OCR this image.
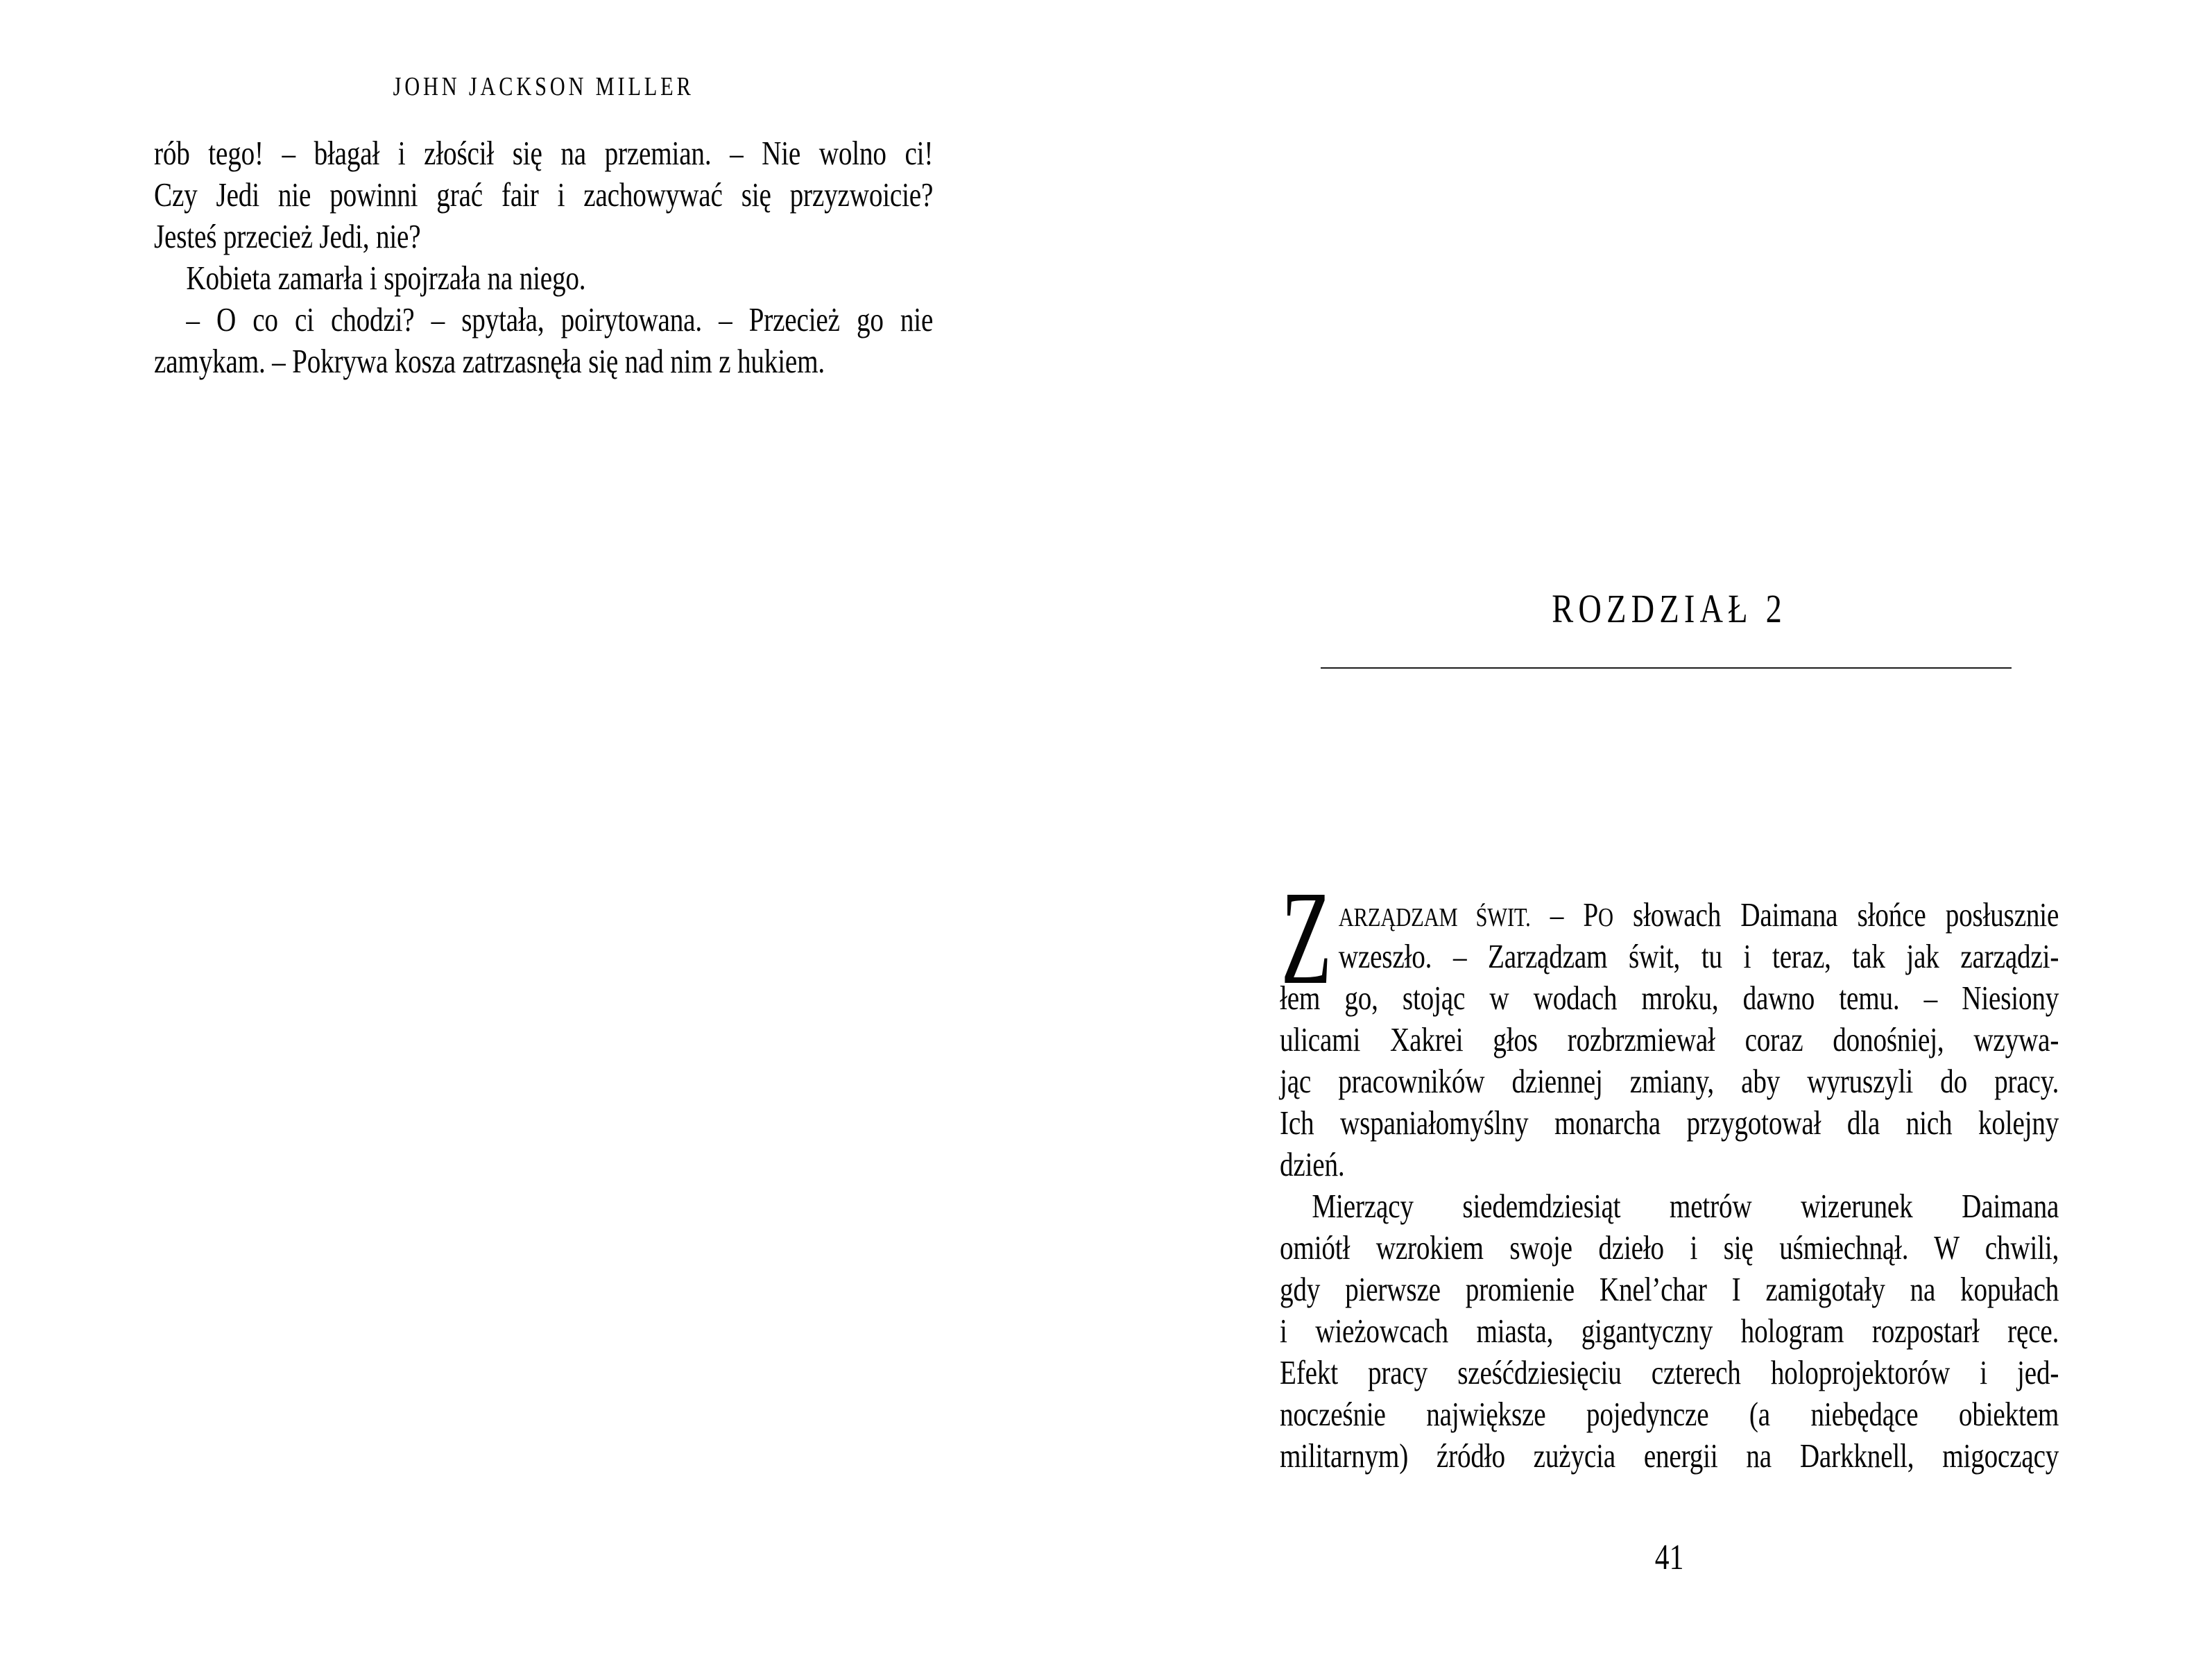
JOHN JACKSON MILLER
rób tego! – błagał i złościł się na przemian. – Nie wolno ci!
Czy Jedi nie powinni grać fair i zachowywać się przyzwoicie?
Jesteś przecież Jedi, nie?
Kobieta zamarła i spojrzała na niego.
– O co ci chodzi? – spytała, poirytowana. – Przecież go nie
zamykam. – Pokrywa kosza zatrzasnęła się nad nim z hukiem.
ROZDZIAŁ 2
Z ARZĄDZAM ŚWIT. – PO słowach Daimana słońce posłusznie
wzeszło. – Zarządzam świt, tu i teraz, tak jak zarządzi-
łem go, stojąc w wodach mroku, dawno temu. – Niesiony
ulicami Xakrei głos rozbrzmiewał coraz donośniej, wzywa-
jąc pracowników dziennej zmiany, aby wyruszyli do pracy.
Ich wspaniałomyślny monarcha przygotował dla nich kolejny
dzień.
Mierzący siedemdziesiąt metrów wizerunek Daimana
omiótł wzrokiem swoje dzieło i się uśmiechnął. W chwili,
gdy pierwsze promienie Knel’char I zamigotały na kopułach
i wieżowcach miasta, gigantyczny hologram rozpostarł ręce.
Efekt pracy sześćdziesięciu czterech holoprojektorów i jed-
nocześnie największe pojedyncze (a niebędące obiektem
militarnym) źródło zużycia energii na Darkknell, migoczący
41
